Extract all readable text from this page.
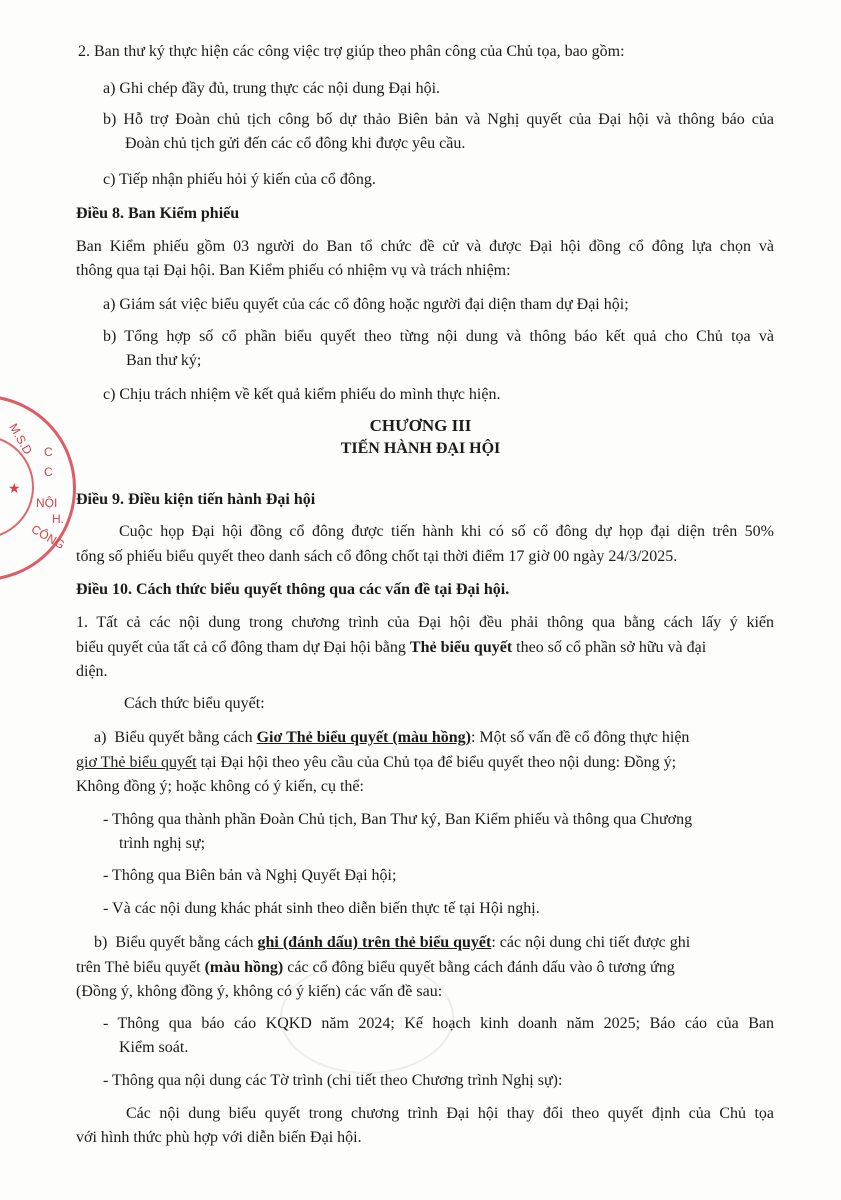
M.S.D C
C
★
NỘI
H.
CÔNG
2. Ban thư ký thực hiện các công việc trợ giúp theo phân công của Chủ tọa, bao gồm:
a) Ghi chép đầy đủ, trung thực các nội dung Đại hội.
b) Hỗ trợ Đoàn chủ tịch công bố dự thảo Biên bản và Nghị quyết của Đại hội và thông báo của
Đoàn chủ tịch gửi đến các cổ đông khi được yêu cầu.
c) Tiếp nhận phiếu hỏi ý kiến của cổ đông.
Điều 8. Ban Kiểm phiếu
Ban Kiểm phiếu gồm 03 người do Ban tổ chức đề cử và được Đại hội đồng cổ đông lựa chọn và
thông qua tại Đại hội. Ban Kiểm phiếu có nhiệm vụ và trách nhiệm:
a) Giám sát việc biểu quyết của các cổ đông hoặc người đại diện tham dự Đại hội;
b) Tổng hợp số cổ phần biểu quyết theo từng nội dung và thông báo kết quả cho Chủ tọa và
Ban thư ký;
c) Chịu trách nhiệm về kết quả kiểm phiếu do mình thực hiện.
CHƯƠNG III
TIẾN HÀNH ĐẠI HỘI
Điều 9. Điều kiện tiến hành Đại hội
Cuộc họp Đại hội đồng cổ đông được tiến hành khi có số cổ đông dự họp đại diện trên 50%
tổng số phiếu biểu quyết theo danh sách cổ đông chốt tại thời điểm 17 giờ 00 ngày 24/3/2025.
Điều 10. Cách thức biểu quyết thông qua các vấn đề tại Đại hội.
1. Tất cả các nội dung trong chương trình của Đại hội đều phải thông qua bằng cách lấy ý kiến
biểu quyết của tất cả cổ đông tham dự Đại hội bằng Thẻ biểu quyết theo số cổ phần sở hữu và đại
diện.
Cách thức biểu quyết:
a)  Biểu quyết bằng cách Giơ Thẻ biểu quyết (màu hồng): Một số vấn đề cổ đông thực hiện
giơ Thẻ biểu quyết tại Đại hội theo yêu cầu của Chủ tọa để biểu quyết theo nội dung: Đồng ý;
Không đồng ý; hoặc không có ý kiến, cụ thể:
- Thông qua thành phần Đoàn Chủ tịch, Ban Thư ký, Ban Kiểm phiếu và thông qua Chương
trình nghị sự;
- Thông qua Biên bản và Nghị Quyết Đại hội;
- Và các nội dung khác phát sinh theo diễn biến thực tế tại Hội nghị.
b)  Biểu quyết bằng cách ghi (đánh dấu) trên thẻ biểu quyết: các nội dung chi tiết được ghi
trên Thẻ biểu quyết (màu hồng) các cổ đông biểu quyết bằng cách đánh dấu vào ô tương ứng
(Đồng ý, không đồng ý, không có ý kiến) các vấn đề sau:
- Thông qua báo cáo KQKD năm 2024; Kế hoạch kinh doanh năm 2025; Báo cáo của Ban
Kiểm soát.
- Thông qua nội dung các Tờ trình (chi tiết theo Chương trình Nghị sự):
Các nội dung biểu quyết trong chương trình Đại hội thay đổi theo quyết định của Chủ tọa
với hình thức phù hợp với diễn biến Đại hội.
